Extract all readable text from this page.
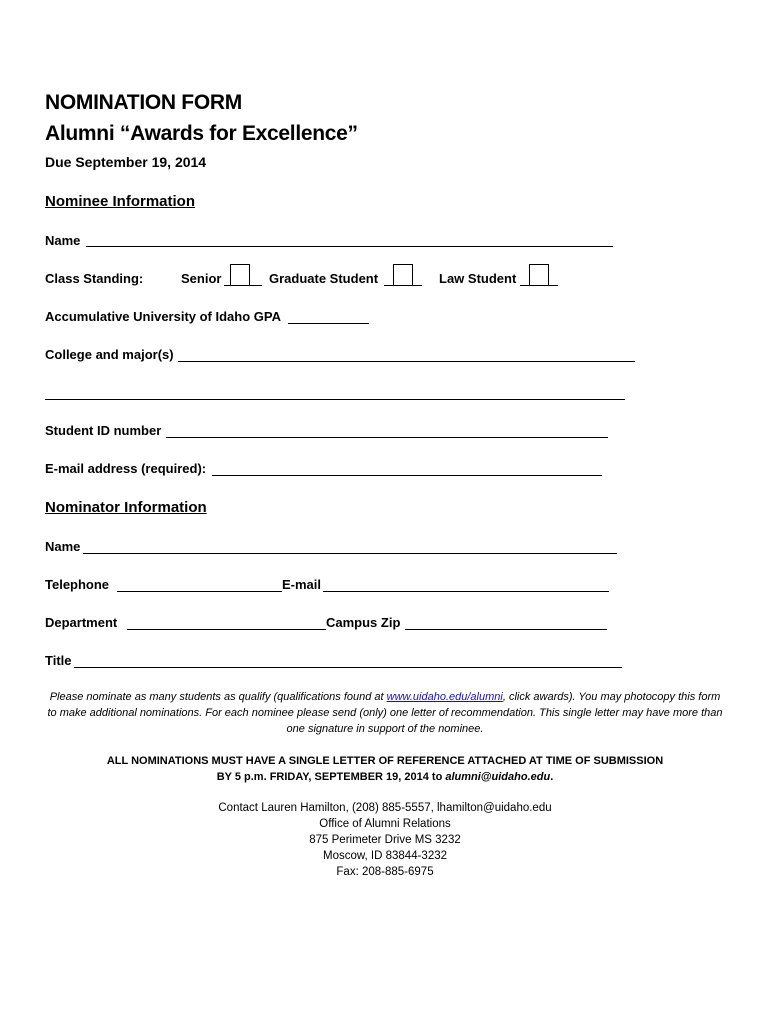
NOMINATION FORM
Alumni “Awards for Excellence”
Due September 19, 2014
Nominee Information
Name
Class Standing:	Senior	Graduate Student	Law Student
Accumulative University of Idaho GPA
College and major(s)
Student ID number
E-mail address (required):
Nominator Information
Name
Telephone	E-mail
Department	Campus Zip
Title
Please nominate as many students as qualify (qualifications found at www.uidaho.edu/alumni, click awards). You may photocopy this form to make additional nominations. For each nominee please send (only) one letter of recommendation. This single letter may have more than one signature in support of the nominee.
ALL NOMINATIONS MUST HAVE A SINGLE LETTER OF REFERENCE ATTACHED AT TIME OF SUBMISSION
BY 5 p.m. FRIDAY, SEPTEMBER 19, 2014 to alumni@uidaho.edu.
Contact Lauren Hamilton, (208) 885-5557, lhamilton@uidaho.edu
Office of Alumni Relations
875 Perimeter Drive MS 3232
Moscow, ID 83844-3232
Fax: 208-885-6975
